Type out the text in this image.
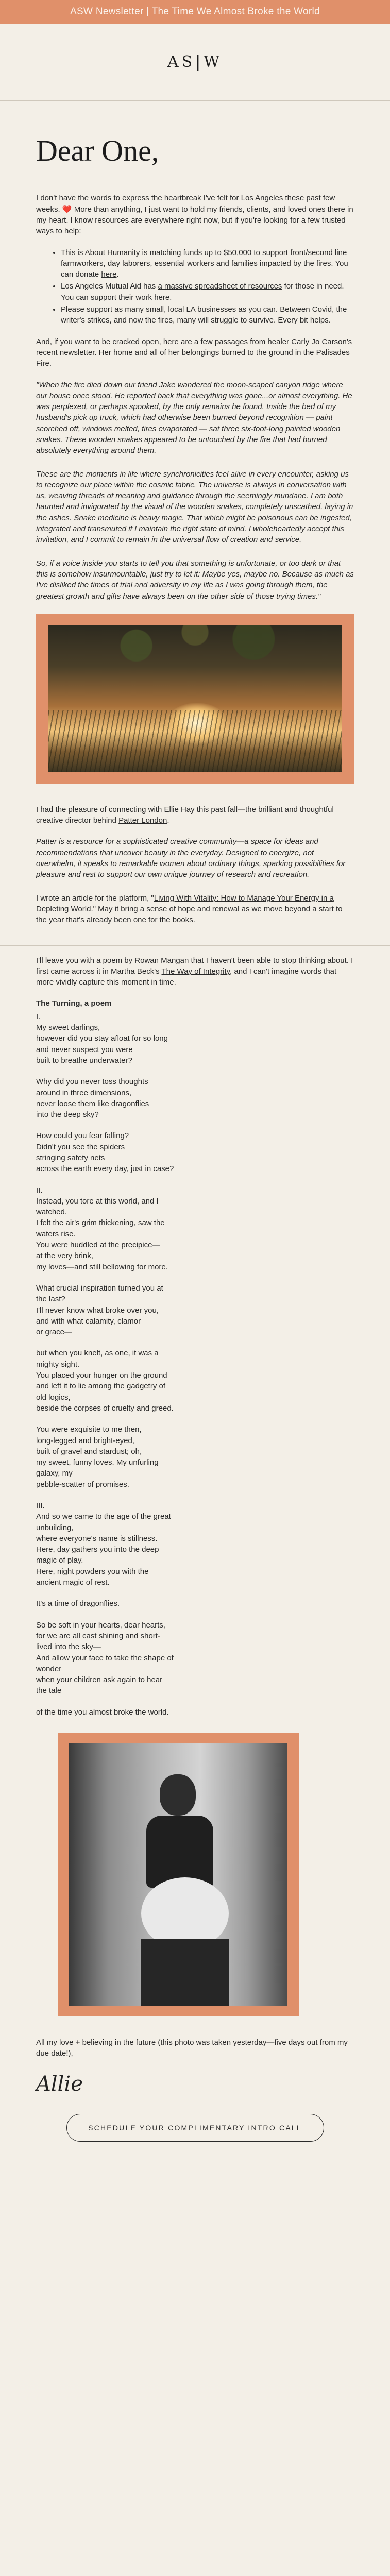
ASW Newsletter | The Time We Almost Broke the World
AS|W
Dear One,

I don't have the words to express the heartbreak I've felt for Los Angeles these past few weeks. ❤️ More than anything, I just want to hold my friends, clients, and loved ones there in my heart. I know resources are everywhere right now, but if you're looking for a few trusted ways to help:

• This is About Humanity is matching funds up to $50,000 to support front/second line farmworkers, day laborers, essential workers and families impacted by the fires. You can donate here.
• Los Angeles Mutual Aid has a massive spreadsheet of resources for those in need. You can support their work here.
• Please support as many small, local LA businesses as you can. Between Covid, the writer's strikes, and now the fires, many will struggle to survive. Every bit helps.

And, if you want to be cracked open, here are a few passages from healer Carly Jo Carson's recent newsletter. Her home and all of her belongings burned to the ground in the Palisades Fire.

"When the fire died down our friend Jake wandered the moon-scaped canyon ridge where our house once stood. He reported back that everything was gone...or almost everything. He was perplexed, or perhaps spooked, by the only remains he found. Inside the bed of my husband's pick up truck, which had otherwise been burned beyond recognition — paint scorched off, windows melted, tires evaporated — sat three six-foot-long painted wooden snakes. These wooden snakes appeared to be untouched by the fire that had burned absolutely everything around them.

These are the moments in life where synchronicities feel alive in every encounter, asking us to recognize our place within the cosmic fabric. The universe is always in conversation with us, weaving threads of meaning and guidance through the seemingly mundane. I am both haunted and invigorated by the visual of the wooden snakes, completely unscathed, laying in the ashes. Snake medicine is heavy magic. That which might be poisonous can be ingested, integrated and transmuted if I maintain the right state of mind. I wholeheartedly accept this invitation, and I commit to remain in the universal flow of creation and service.

So, if a voice inside you starts to tell you that something is unfortunate, or too dark or that this is somehow insurmountable, just try to let it: Maybe yes, maybe no. Because as much as I've disliked the times of trial and adversity in my life as I was going through them, the greatest growth and gifts have always been on the other side of those trying times."

I had the pleasure of connecting with Ellie Hay this past fall—the brilliant and thoughtful creative director behind Patter London.

Patter is a resource for a sophisticated creative community—a space for ideas and recommendations that uncover beauty in the everyday. Designed to energize, not overwhelm, it speaks to remarkable women about ordinary things, sparking possibilities for pleasure and rest to support our own unique journey of research and recreation.

I wrote an article for the platform, "Living With Vitality: How to Manage Your Energy in a Depleting World." May it bring a sense of hope and renewal as we move beyond a start to the year that's already been one for the books.

I'll leave you with a poem by Rowan Mangan that I haven't been able to stop thinking about. I first came across it in Martha Beck's The Way of Integrity, and I can't imagine words that more vividly capture this moment in time.

The Turning, a poem
I.
My sweet darlings,
however did you stay afloat for so long
and never suspect you were
built to breathe underwater?
Why did you never toss thoughts
around in three dimensions,
never loose them like dragonflies
into the deep sky?
How could you fear falling?
Didn't you see the spiders
stringing safety nets
across the earth every day, just in case?
II.
Instead, you tore at this world, and I
watched.
I felt the air's grim thickening, saw the
waters rise.
You were huddled at the precipice—
at the very brink,
my loves—and still bellowing for more.
What crucial inspiration turned you at
the last?
I'll never know what broke over you,
and with what calamity, clamor
or grace—
but when you knelt, as one, it was a
mighty sight.
You placed your hunger on the ground
and left it to lie among the gadgetry of
old logics,
beside the corpses of cruelty and greed.
You were exquisite to me then,
long-legged and bright-eyed,
built of gravel and stardust; oh,
my sweet, funny loves. My unfurling
galaxy, my
pebble-scatter of promises.
III.
And so we came to the age of the great
unbuilding,
where everyone's name is stillness.
Here, day gathers you into the deep
magic of play.
Here, night powders you with the
ancient magic of rest.
It's a time of dragonflies.
So be soft in your hearts, dear hearts,
for we are all cast shining and short-
lived into the sky—
And allow your face to take the shape of
wonder
when your children ask again to hear
the tale
of the time you almost broke the world.

All my love + believing in the future (this photo was taken yesterday—five days out from my due date!),

Allie
SCHEDULE YOUR COMPLIMENTARY INTRO CALL
